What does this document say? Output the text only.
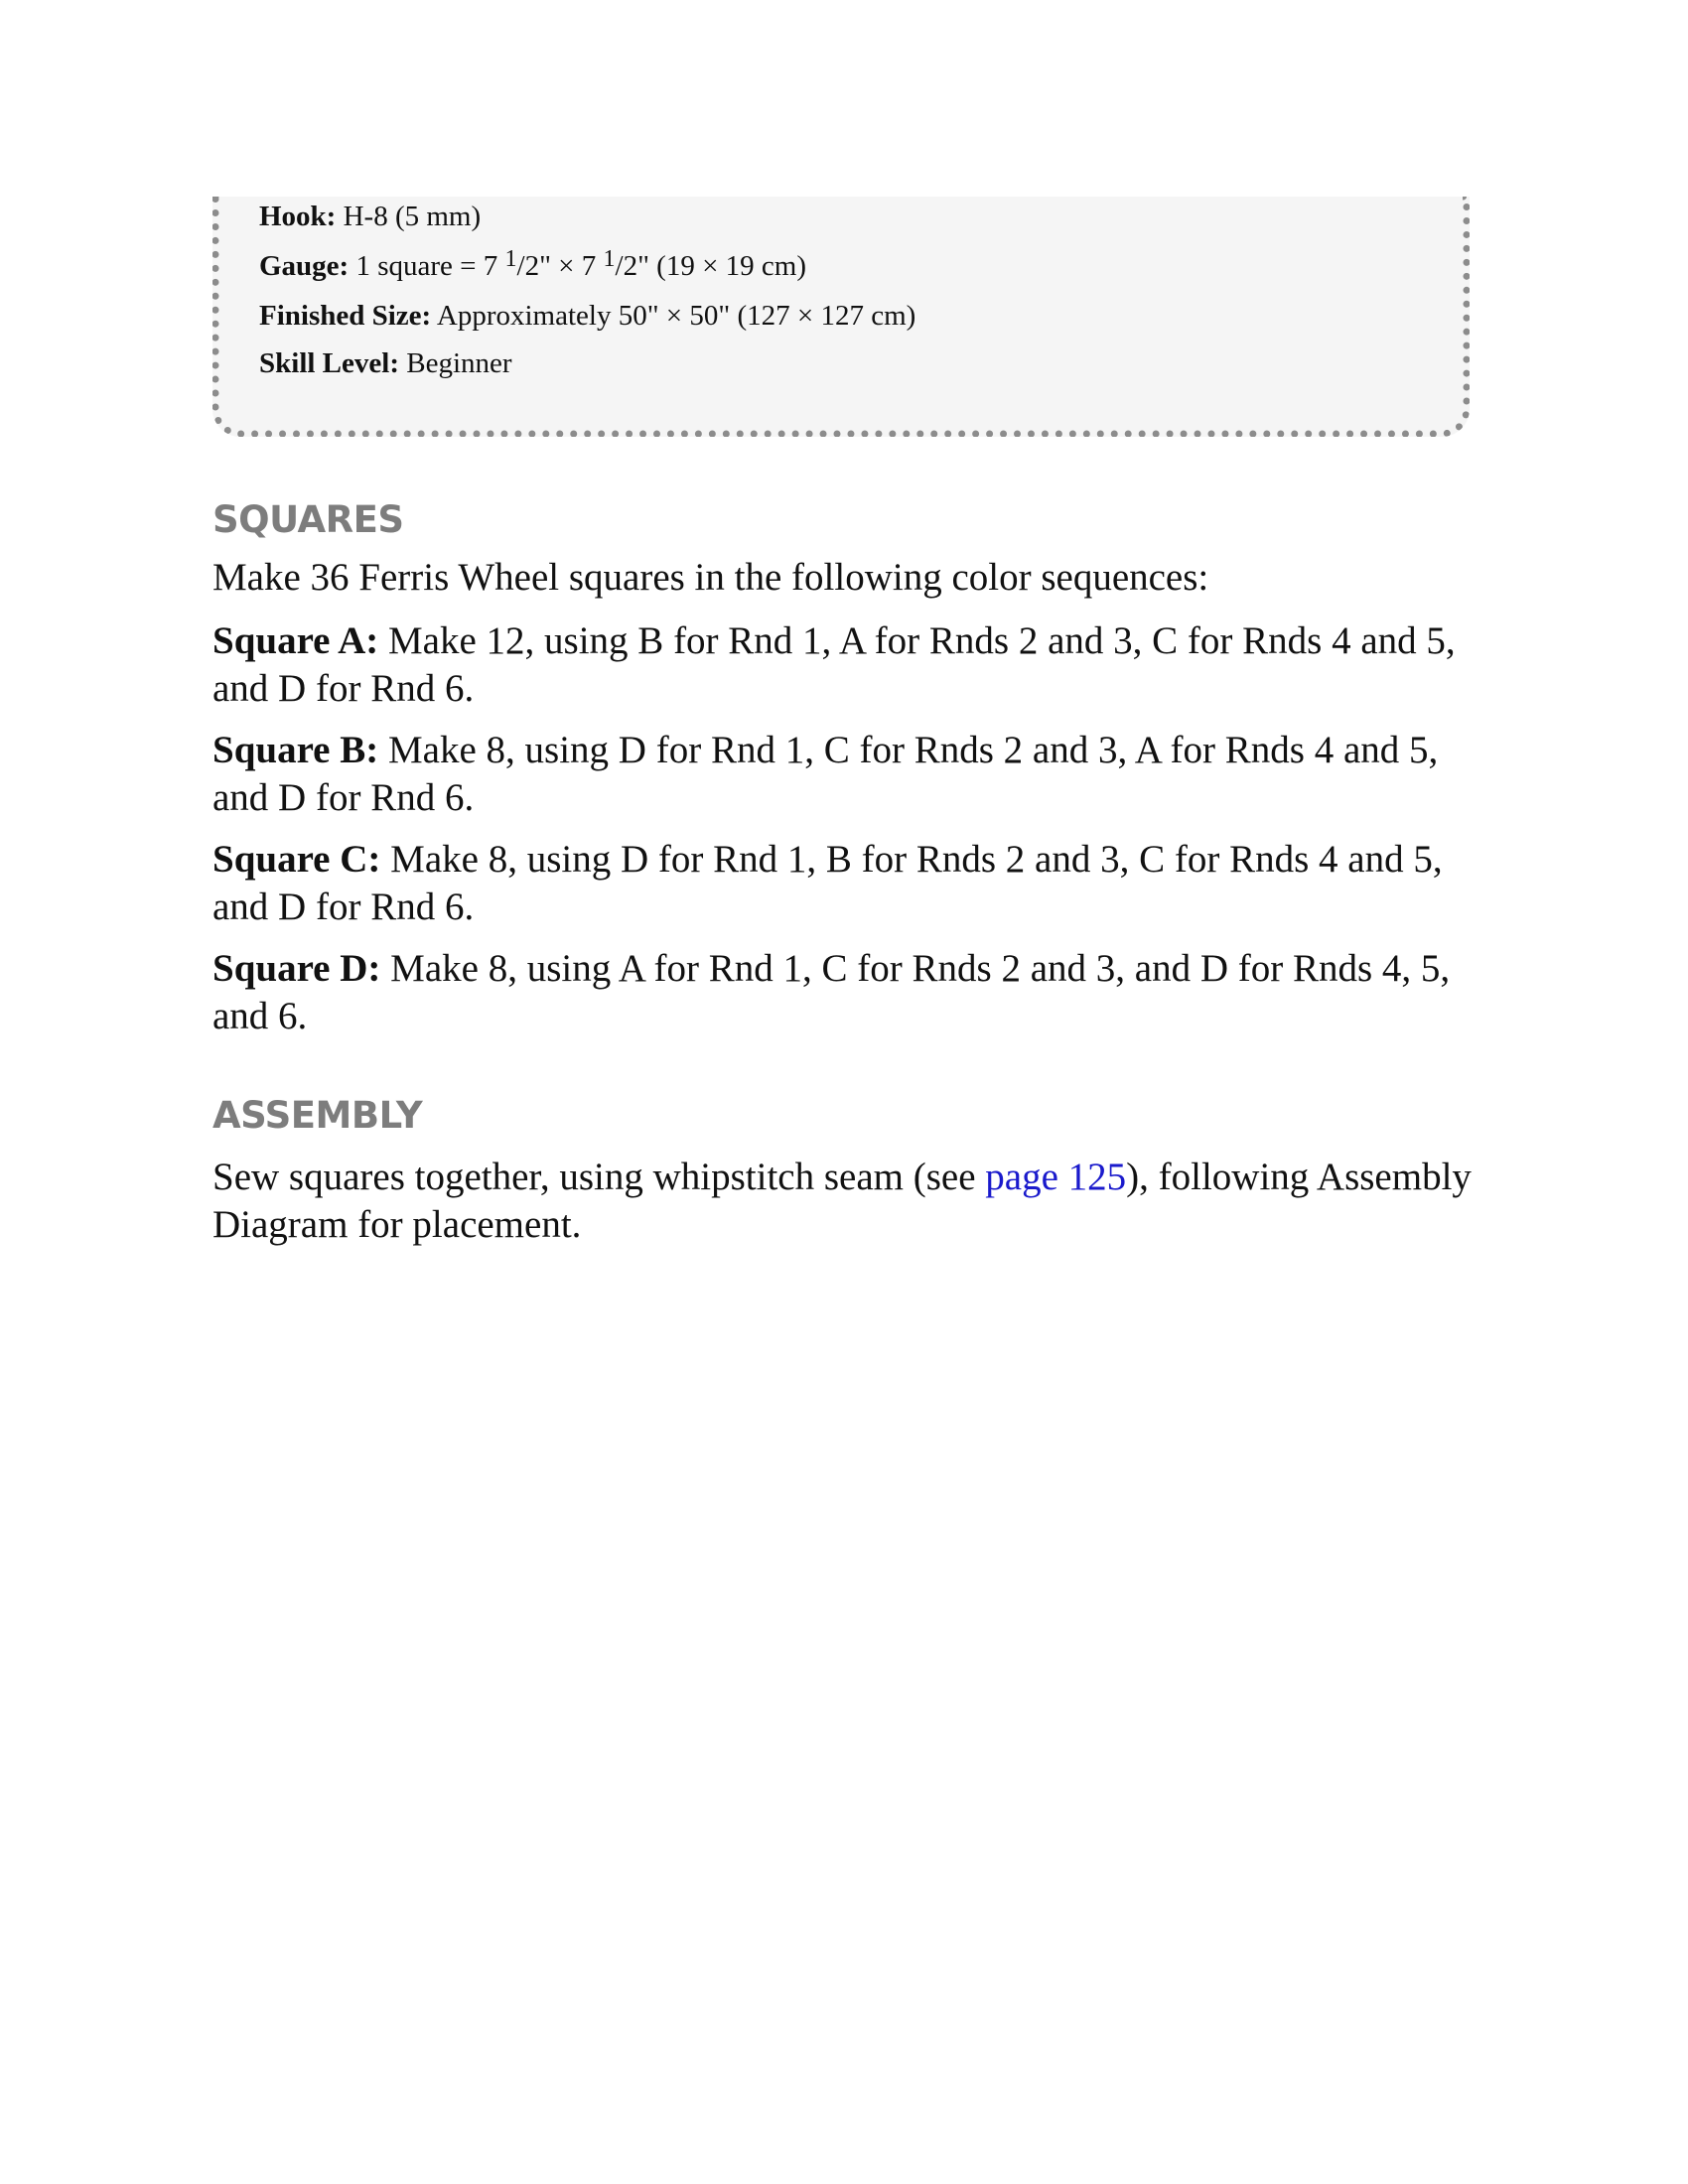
Hook: H-8 (5 mm)
Gauge: 1 square = 7 $^1$/2" × 7 $^1$/2" (19 × 19 cm)
Finished Size: Approximately 50" × 50" (127 × 127 cm)
Skill Level: Beginner
SQUARES

Make 36 Ferris Wheel squares in the following color sequences:

Square A: Make 12, using B for Rnd 1, A for Rnds 2 and 3, C for Rnds 4 and 5, and D for Rnd 6.

Square B: Make 8, using D for Rnd 1, C for Rnds 2 and 3, A for Rnds 4 and 5, and D for Rnd 6.

Square C: Make 8, using D for Rnd 1, B for Rnds 2 and 3, C for Rnds 4 and 5, and D for Rnd 6.

Square D: Make 8, using A for Rnd 1, C for Rnds 2 and 3, and D for Rnds 4, 5, and 6.

ASSEMBLY

Sew squares together, using whipstitch seam (see page 125), following Assembly Diagram for placement.
